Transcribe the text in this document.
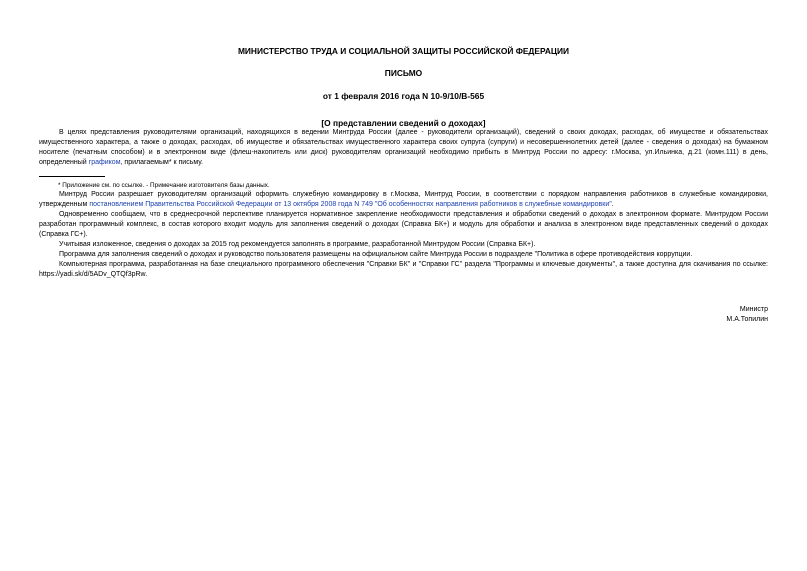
МИНИСТЕРСТВО ТРУДА И СОЦИАЛЬНОЙ ЗАЩИТЫ РОССИЙСКОЙ ФЕДЕРАЦИИ
ПИСЬМО
от 1 февраля 2016 года N 10-9/10/В-565
[О представлении сведений о доходах]

В целях представления руководителями организаций, находящихся в ведении Минтруда России (далее - руководители организаций), сведений о своих доходах, расходах, об имуществе и обязательствах имущественного характера, а также о доходах, расходах, об имуществе и обязательствах имущественного характера своих супруга (супруги) и несовершеннолетних детей (далее - сведения о доходах) на бумажном носителе (печатным способом) и в электронном виде (флеш-накопитель или диск) руководителям организаций необходимо прибыть в Минтруд России по адресу: г.Москва, ул.Ильинка, д.21 (комн.111) в день, определенный графиком, прилагаемым* к письму.

* Приложение см. по ссылке. - Примечание изготовителя базы данных.

Минтруд России разрешает руководителям организаций оформить служебную командировку в г.Москва, Минтруд России, в соответствии с порядком направления работников в служебные командировки, утвержденным постановлением Правительства Российской Федерации от 13 октября 2008 года N 749 "Об особенностях направления работников в служебные командировки".

Одновременно сообщаем, что в среднесрочной перспективе планируется нормативное закрепление необходимости представления и обработки сведений о доходах в электронном формате. Минтрудом России разработан программный комплекс, в состав которого входит модуль для заполнения сведений о доходах (Справка БК+) и модуль для обработки и анализа в электронном виде представленных сведений о доходах (Справка ГС+).

Учитывая изложенное, сведения о доходах за 2015 год рекомендуется заполнять в программе, разработанной Минтрудом России (Справка БК+).

Программа для заполнения сведений о доходах и руководство пользователя размещены на официальном сайте Минтруда России в подразделе "Политика в сфере противодействия коррупции.

Компьютерная программа, разработанная на базе специального программного обеспечения "Справки БК" и "Справки ГС" раздела "Программы и ключевые документы", а также доступна для скачивания по ссылке: https://yadi.sk/d/5ADv_QTQf3pRw.

Министр
М.А.Топилин
